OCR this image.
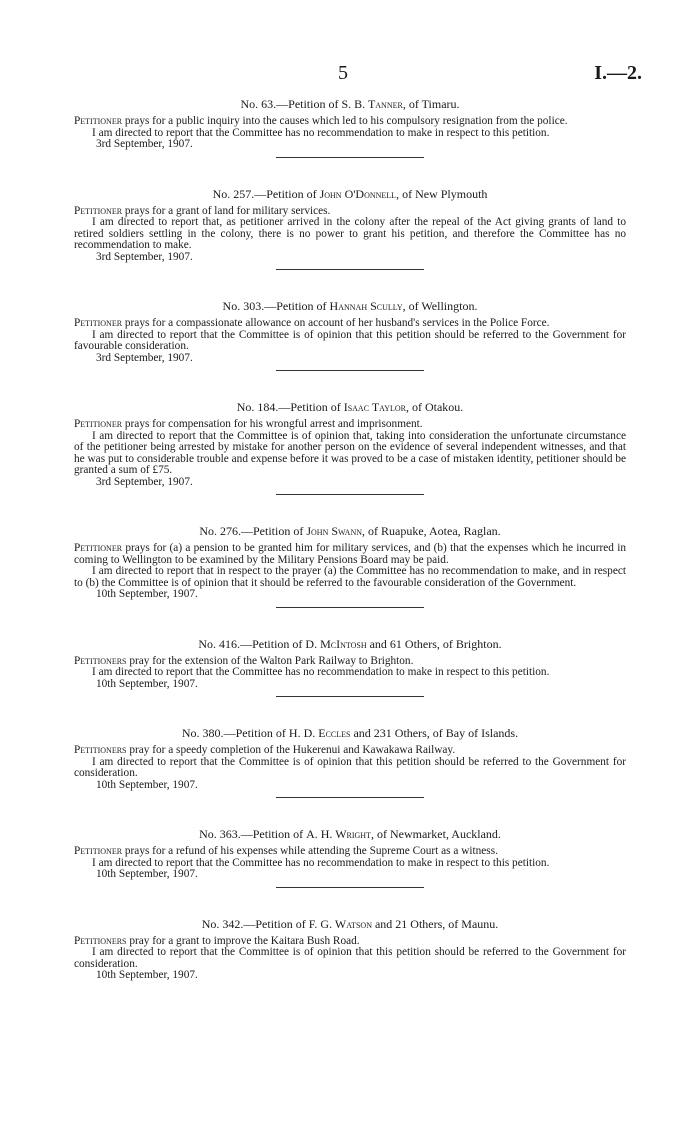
5	I.—2.
No. 63.—Petition of S. B. Tanner, of Timaru.

Petitioner prays for a public inquiry into the causes which led to his compulsory resignation from the police.

I am directed to report that the Committee has no recommendation to make in respect to this petition.

3rd September, 1907.

No. 257.—Petition of John O'Donnell, of New Plymouth

Petitioner prays for a grant of land for military services.

I am directed to report that, as petitioner arrived in the colony after the repeal of the Act giving grants of land to retired soldiers settling in the colony, there is no power to grant his petition, and therefore the Committee has no recommendation to make.

3rd September, 1907.

No. 303.—Petition of Hannah Scully, of Wellington.

Petitioner prays for a compassionate allowance on account of her husband's services in the Police Force.

I am directed to report that the Committee is of opinion that this petition should be referred to the Government for favourable consideration.

3rd September, 1907.

No. 184.—Petition of Isaac Taylor, of Otakou.

Petitioner prays for compensation for his wrongful arrest and imprisonment.

I am directed to report that the Committee is of opinion that, taking into consideration the unfortunate circumstance of the petitioner being arrested by mistake for another person on the evidence of several independent witnesses, and that he was put to considerable trouble and expense before it was proved to be a case of mistaken identity, petitioner should be granted a sum of £75.

3rd September, 1907.

No. 276.—Petition of John Swann, of Ruapuke, Aotea, Raglan.

Petitioner prays for (a) a pension to be granted him for military services, and (b) that the expenses which he incurred in coming to Wellington to be examined by the Military Pensions Board may be paid.

I am directed to report that in respect to the prayer (a) the Committee has no recommendation to make, and in respect to (b) the Committee is of opinion that it should be referred to the favourable consideration of the Government.

10th September, 1907.

No. 416.—Petition of D. McIntosh and 61 Others, of Brighton.

Petitioners pray for the extension of the Walton Park Railway to Brighton.

I am directed to report that the Committee has no recommendation to make in respect to this petition.

10th September, 1907.

No. 380.—Petition of H. D. Eccles and 231 Others, of Bay of Islands.

Petitioners pray for a speedy completion of the Hukerenui and Kawakawa Railway.

I am directed to report that the Committee is of opinion that this petition should be referred to the Government for consideration.

10th September, 1907.

No. 363.—Petition of A. H. Wright, of Newmarket, Auckland.

Petitioner prays for a refund of his expenses while attending the Supreme Court as a witness.

I am directed to report that the Committee has no recommendation to make in respect to this petition.

10th September, 1907.

No. 342.—Petition of F. G. Watson and 21 Others, of Maunu.

Petitioners pray for a grant to improve the Kaitara Bush Road.

I am directed to report that the Committee is of opinion that this petition should be referred to the Government for consideration.

10th September, 1907.
